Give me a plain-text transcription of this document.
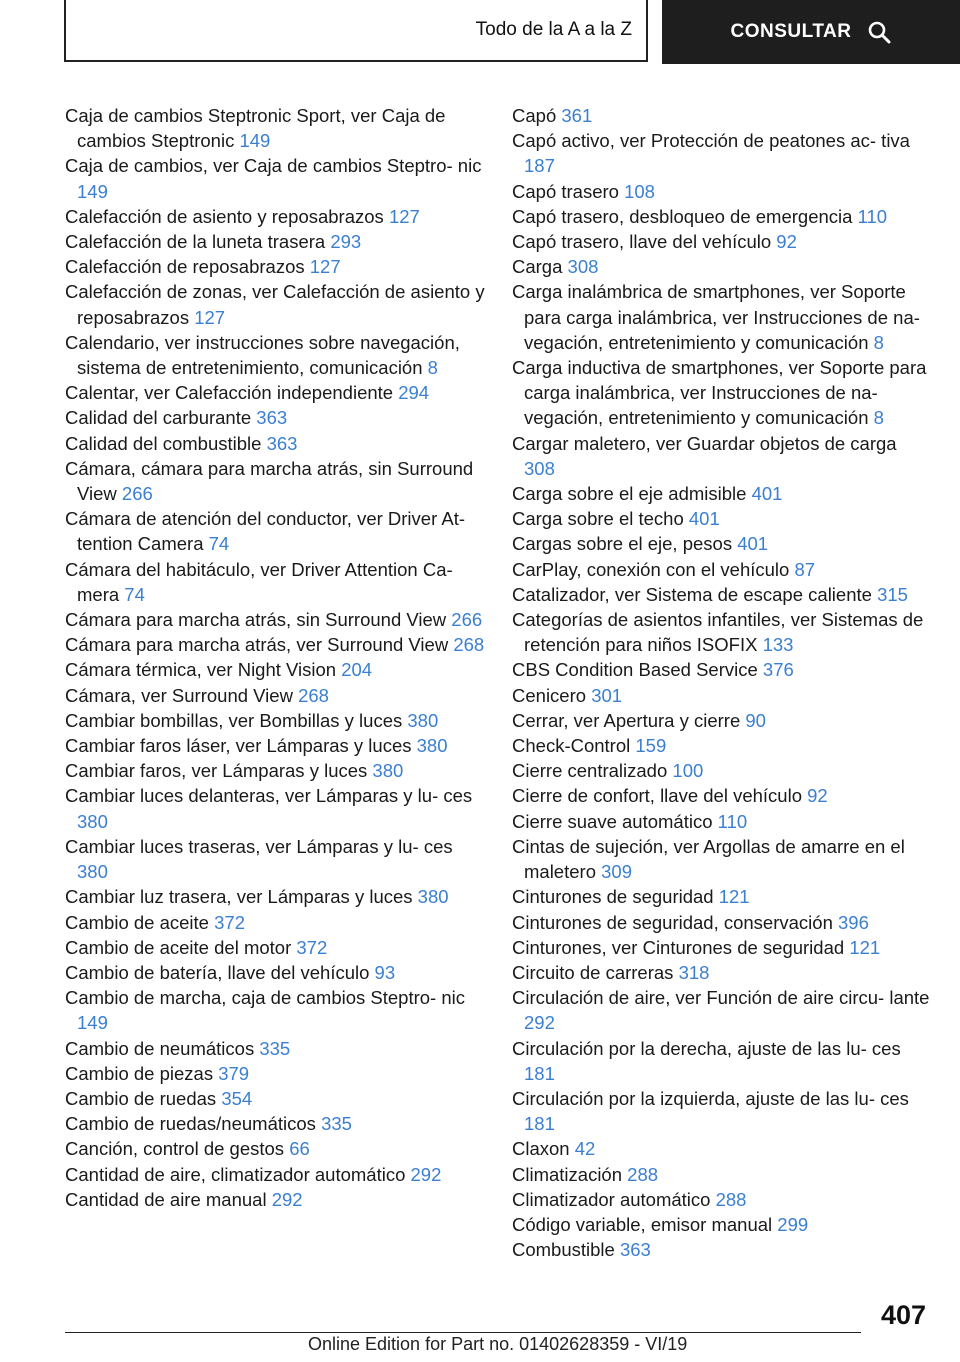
Todo de la A a la Z	CONSULTAR
Caja de cambios Steptronic Sport, ver Caja de cambios Steptronic 149
Caja de cambios, ver Caja de cambios Steptro- nic 149
Calefacción de asiento y reposabrazos 127
Calefacción de la luneta trasera 293
Calefacción de reposabrazos 127
Calefacción de zonas, ver Calefacción de asiento y reposabrazos 127
Calendario, ver instrucciones sobre navegación, sistema de entretenimiento, comunicación 8
Calentar, ver Calefacción independiente 294
Calidad del carburante 363
Calidad del combustible 363
Cámara, cámara para marcha atrás, sin Surround View 266
Cámara de atención del conductor, ver Driver At- tention Camera 74
Cámara del habitáculo, ver Driver Attention Ca- mera 74
Cámara para marcha atrás, sin Surround View 266
Cámara para marcha atrás, ver Surround View 268
Cámara térmica, ver Night Vision 204
Cámara, ver Surround View 268
Cambiar bombillas, ver Bombillas y luces 380
Cambiar faros láser, ver Lámparas y luces 380
Cambiar faros, ver Lámparas y luces 380
Cambiar luces delanteras, ver Lámparas y lu- ces 380
Cambiar luces traseras, ver Lámparas y lu- ces 380
Cambiar luz trasera, ver Lámparas y luces 380
Cambio de aceite 372
Cambio de aceite del motor 372
Cambio de batería, llave del vehículo 93
Cambio de marcha, caja de cambios Steptro- nic 149
Cambio de neumáticos 335
Cambio de piezas 379
Cambio de ruedas 354
Cambio de ruedas/neumáticos 335
Canción, control de gestos 66
Cantidad de aire, climatizador automático 292
Cantidad de aire manual 292
Capó 361
Capó activo, ver Protección de peatones ac- tiva 187
Capó trasero 108
Capó trasero, desbloqueo de emergencia 110
Capó trasero, llave del vehículo 92
Carga 308
Carga inalámbrica de smartphones, ver Soporte para carga inalámbrica, ver Instrucciones de na- vegación, entretenimiento y comunicación 8
Carga inductiva de smartphones, ver Soporte para carga inalámbrica, ver Instrucciones de na- vegación, entretenimiento y comunicación 8
Cargar maletero, ver Guardar objetos de carga 308
Carga sobre el eje admisible 401
Carga sobre el techo 401
Cargas sobre el eje, pesos 401
CarPlay, conexión con el vehículo 87
Catalizador, ver Sistema de escape caliente 315
Categorías de asientos infantiles, ver Sistemas de retención para niños ISOFIX 133
CBS Condition Based Service 376
Cenicero 301
Cerrar, ver Apertura y cierre 90
Check-Control 159
Cierre centralizado 100
Cierre de confort, llave del vehículo 92
Cierre suave automático 110
Cintas de sujeción, ver Argollas de amarre en el maletero 309
Cinturones de seguridad 121
Cinturones de seguridad, conservación 396
Cinturones, ver Cinturones de seguridad 121
Circuito de carreras 318
Circulación de aire, ver Función de aire circu- lante 292
Circulación por la derecha, ajuste de las lu- ces 181
Circulación por la izquierda, ajuste de las lu- ces 181
Claxon 42
Climatización 288
Climatizador automático 288
Código variable, emisor manual 299
Combustible 363
407
Online Edition for Part no. 01402628359 - VI/19
